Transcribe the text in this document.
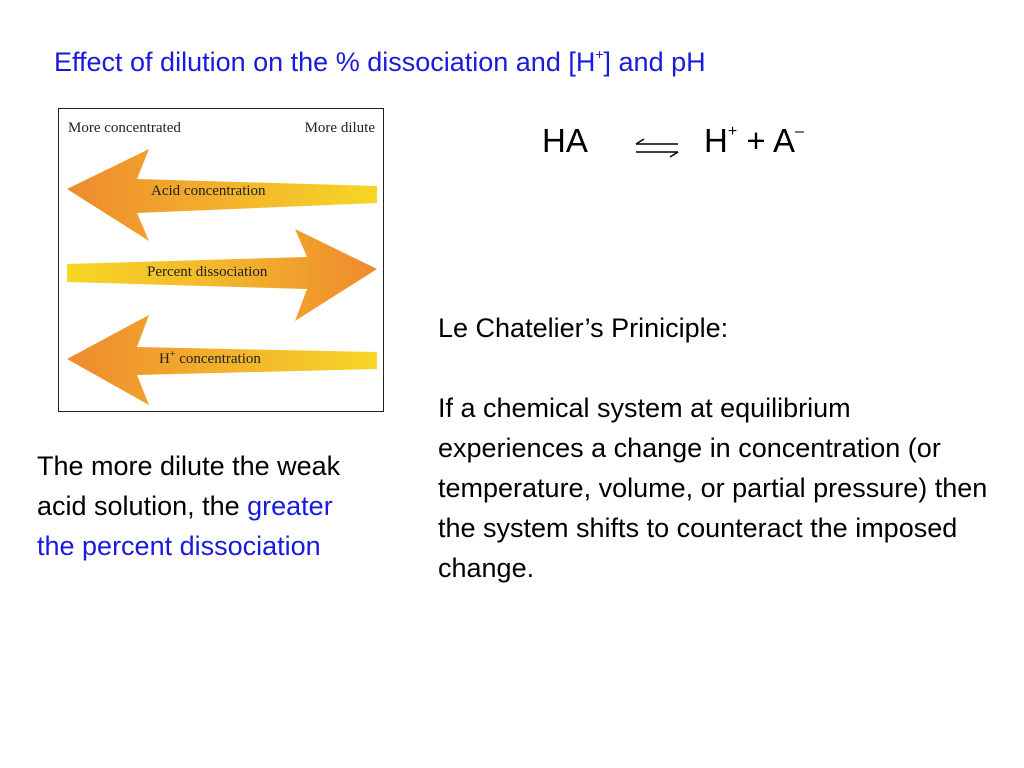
Effect of dilution on the % dissociation and [H+] and pH
More concentrated	More dilute
Acid concentration
Percent dissociation
H+ concentration
HA	⇌ H+ + A–
The more dilute the weak acid solution, the greater the percent dissociation

Le Chatelier’s Priniciple:

If a chemical system at equilibrium experiences a change in concentration (or temperature, volume, or partial pressure) then the system shifts to counteract the imposed change.
